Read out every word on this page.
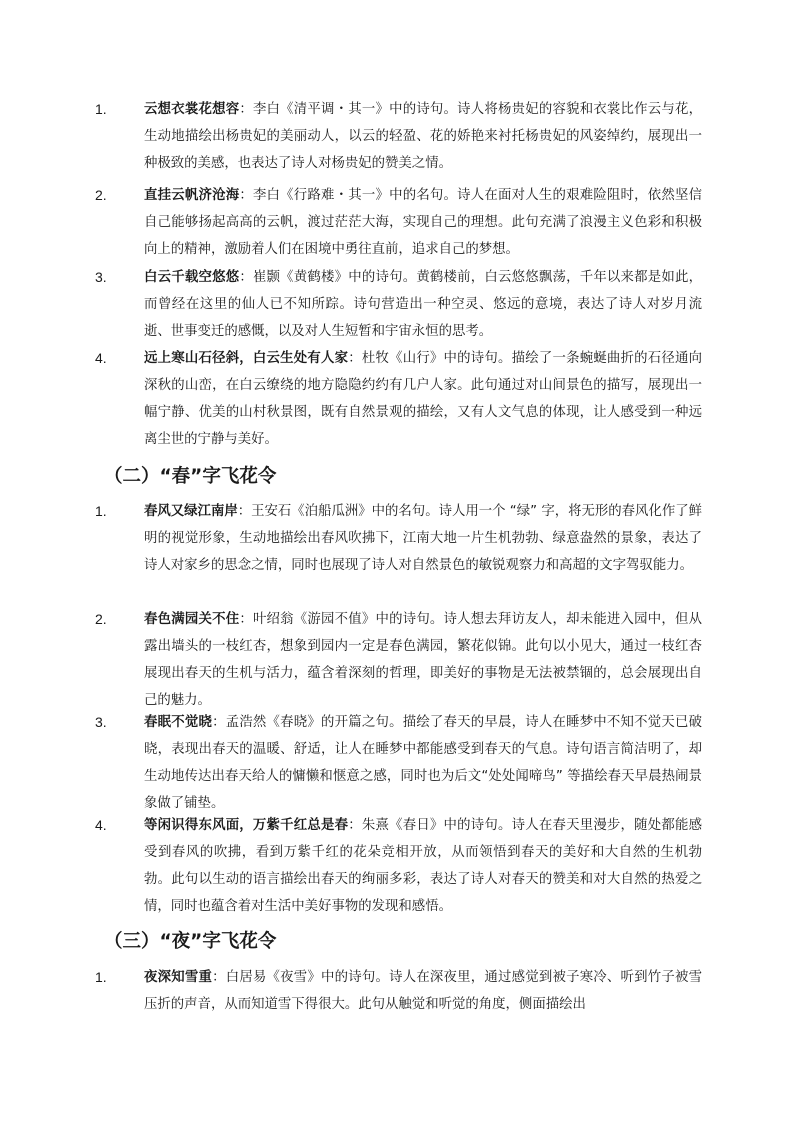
1.	云想衣裳花想容：李白《清平调・其一》中的诗句。诗人将杨贵妃的容貌和衣裳比作云与花，生动地描绘出杨贵妃的美丽动人，以云的轻盈、花的娇艳来衬托杨贵妃的风姿绰约，展现出一种极致的美感，也表达了诗人对杨贵妃的赞美之情。
2.	直挂云帆济沧海：李白《行路难・其一》中的名句。诗人在面对人生的艰难险阻时，依然坚信自己能够扬起高高的云帆，渡过茫茫大海，实现自己的理想。此句充满了浪漫主义色彩和积极向上的精神，激励着人们在困境中勇往直前，追求自己的梦想。
3.	白云千载空悠悠：崔颢《黄鹤楼》中的诗句。黄鹤楼前，白云悠悠飘荡，千年以来都是如此，而曾经在这里的仙人已不知所踪。诗句营造出一种空灵、悠远的意境，表达了诗人对岁月流逝、世事变迁的感慨，以及对人生短暂和宇宙永恒的思考。
4.	远上寒山石径斜，白云生处有人家：杜牧《山行》中的诗句。描绘了一条蜿蜒曲折的石径通向深秋的山峦，在白云缭绕的地方隐隐约约有几户人家。此句通过对山间景色的描写，展现出一幅宁静、优美的山村秋景图，既有自然景观的描绘，又有人文气息的体现，让人感受到一种远离尘世的宁静与美好。
（二）“春”字飞花令
1.	春风又绿江南岸：王安石《泊船瓜洲》中的名句。诗人用一个 “绿” 字，将无形的春风化作了鲜明的视觉形象，生动地描绘出春风吹拂下，江南大地一片生机勃勃、绿意盎然的景象，表达了诗人对家乡的思念之情，同时也展现了诗人对自然景色的敏锐观察力和高超的文字驾驭能力。
2.	春色满园关不住：叶绍翁《游园不值》中的诗句。诗人想去拜访友人，却未能进入园中，但从露出墙头的一枝红杏，想象到园内一定是春色满园，繁花似锦。此句以小见大，通过一枝红杏展现出春天的生机与活力，蕴含着深刻的哲理，即美好的事物是无法被禁锢的，总会展现出自己的魅力。
3.	春眠不觉晓：孟浩然《春晓》的开篇之句。描绘了春天的早晨，诗人在睡梦中不知不觉天已破晓，表现出春天的温暖、舒适，让人在睡梦中都能感受到春天的气息。诗句语言简洁明了，却生动地传达出春天给人的慵懒和惬意之感，同时也为后文“处处闻啼鸟” 等描绘春天早晨热闹景象做了铺垫。
4.	等闲识得东风面，万紫千红总是春：朱熹《春日》中的诗句。诗人在春天里漫步，随处都能感受到春风的吹拂，看到万紫千红的花朵竞相开放，从而领悟到春天的美好和大自然的生机勃勃。此句以生动的语言描绘出春天的绚丽多彩，表达了诗人对春天的赞美和对大自然的热爱之情，同时也蕴含着对生活中美好事物的发现和感悟。
（三）“夜”字飞花令
1.	夜深知雪重：白居易《夜雪》中的诗句。诗人在深夜里，通过感觉到被子寒冷、听到竹子被雪压折的声音，从而知道雪下得很大。此句从触觉和听觉的角度，侧面描绘出
